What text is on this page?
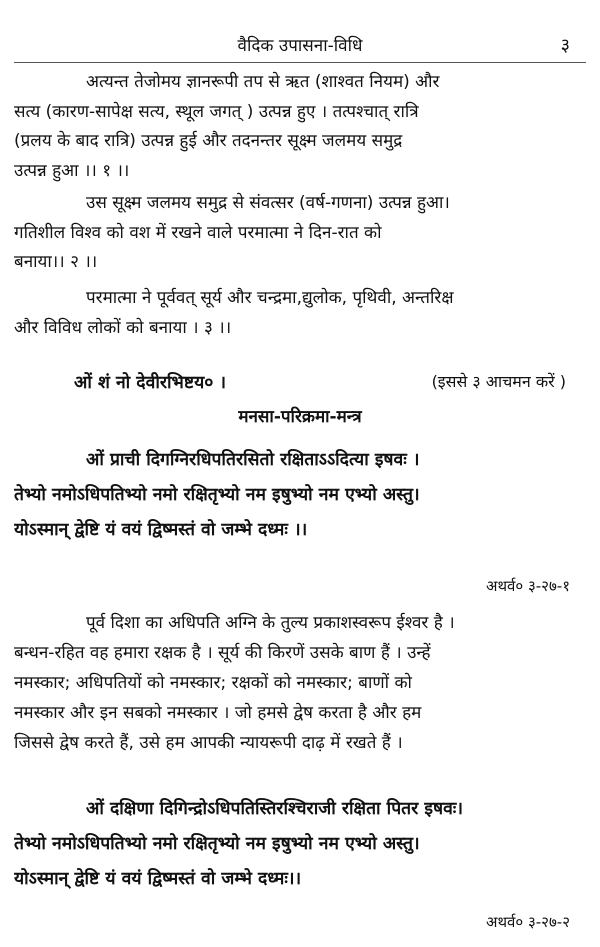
वैदिक उपासना-विधि	३

अत्यन्त तेजोमय ज्ञानरूपी तप से ऋत (शाश्वत नियम) और
सत्य (कारण-सापेक्ष सत्य, स्थूल जगत् ) उत्पन्न हुए । तत्पश्चात् रात्रि
(प्रलय के बाद रात्रि) उत्पन्न हुई और तदनन्तर सूक्ष्म जलमय समुद्र
उत्पन्न हुआ ।। १ ।।

उस सूक्ष्म जलमय समुद्र से संवत्सर (वर्ष-गणना) उत्पन्न हुआ।
गतिशील विश्व को वश में रखने वाले परमात्मा ने दिन-रात को
बनाया।। २ ।।

परमात्मा ने पूर्ववत् सूर्य और चन्द्रमा,द्युलोक, पृथिवी, अन्तरिक्ष
और विविध लोकों को बनाया । ३ ।।

ओं शं नो देवीरभिष्टय० ।	(इससे ३ आचमन करें )
मनसा-परिक्रमा-मन्त्र

ओं प्राची दिगग्निरधिपतिरसितो रक्षिताऽऽदित्या इषवः ।
तेभ्यो नमोऽधिपतिभ्यो नमो रक्षितृभ्यो नम इषुभ्यो नम एभ्यो अस्तु।
योऽस्मान् द्वेष्टि यं वयं द्विष्मस्तं वो जम्भे दध्मः ।।

अथर्व० ३-२७-१

पूर्व दिशा का अधिपति अग्नि के तुल्य प्रकाशस्वरूप ईश्वर है ।
बन्धन-रहित वह हमारा रक्षक है । सूर्य की किरणें उसके बाण हैं । उन्हें
नमस्कार; अधिपतियों को नमस्कार; रक्षकों को नमस्कार; बाणों को
नमस्कार और इन सबको नमस्कार । जो हमसे द्वेष करता है और हम
जिससे द्वेष करते हैं, उसे हम आपकी न्यायरूपी दाढ़ में रखते हैं ।

ओं दक्षिणा दिगिन्द्रोऽधिपतिस्तिरश्चिराजी रक्षिता पितर इषवः।
तेभ्यो नमोऽधिपतिभ्यो नमो रक्षितृभ्यो नम इषुभ्यो नम एभ्यो अस्तु।
योऽस्मान् द्वेष्टि यं वयं द्विष्मस्तं वो जम्भे दध्मः।।

अथर्व० ३-२७-२
